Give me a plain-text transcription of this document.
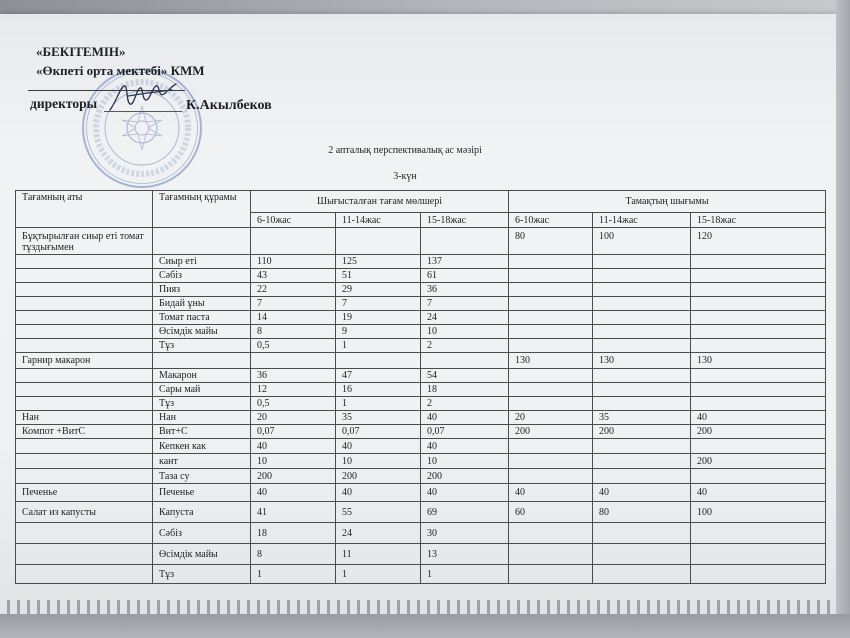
«БЕКІТЕМІН»
«Өкпеті орта мектебі» КММ
директоры	К.Акылбеков
2 апталық перспективалық ас мәзірі
3-күн
Тағамның аты	Тағамның құрамы	Шығысталған тағам мөлшері			Тамақтың шығымы		
		6-10жас	11-14жас	15-18жас	6-10жас	11-14жас	15-18жас
Бұқтырылған сиыр еті томат тұздығымен					80	100	120
	Сиыр еті	110	125	137			
	Сәбіз	43	51	61			
	Пияз	22	29	36			
	Бидай ұны	7	7	7			
	Томат паста	14	19	24			
	Өсімдік майы	8	9	10			
	Тұз	0,5	1	2			
Гарнир макарон					130	130	130
	Макарон	36	47	54			
	Сары май	12	16	18			
	Тұз	0,5	1	2			
Нан	Нан	20	35	40	20	35	40
Компот +ВитС	Вит+С	0,07	0,07	0,07	200	200	200
	Кепкен как	40	40	40			
	кант	10	10	10			200
	Таза су	200	200	200			
Печенье	Печенье	40	40	40	40	40	40
Салат из капусты	Капуста	41	55	69	60	80	100
	Сәбіз	18	24	30			
	Өсімдік майы	8	11	13			
	Тұз	1	1	1			
